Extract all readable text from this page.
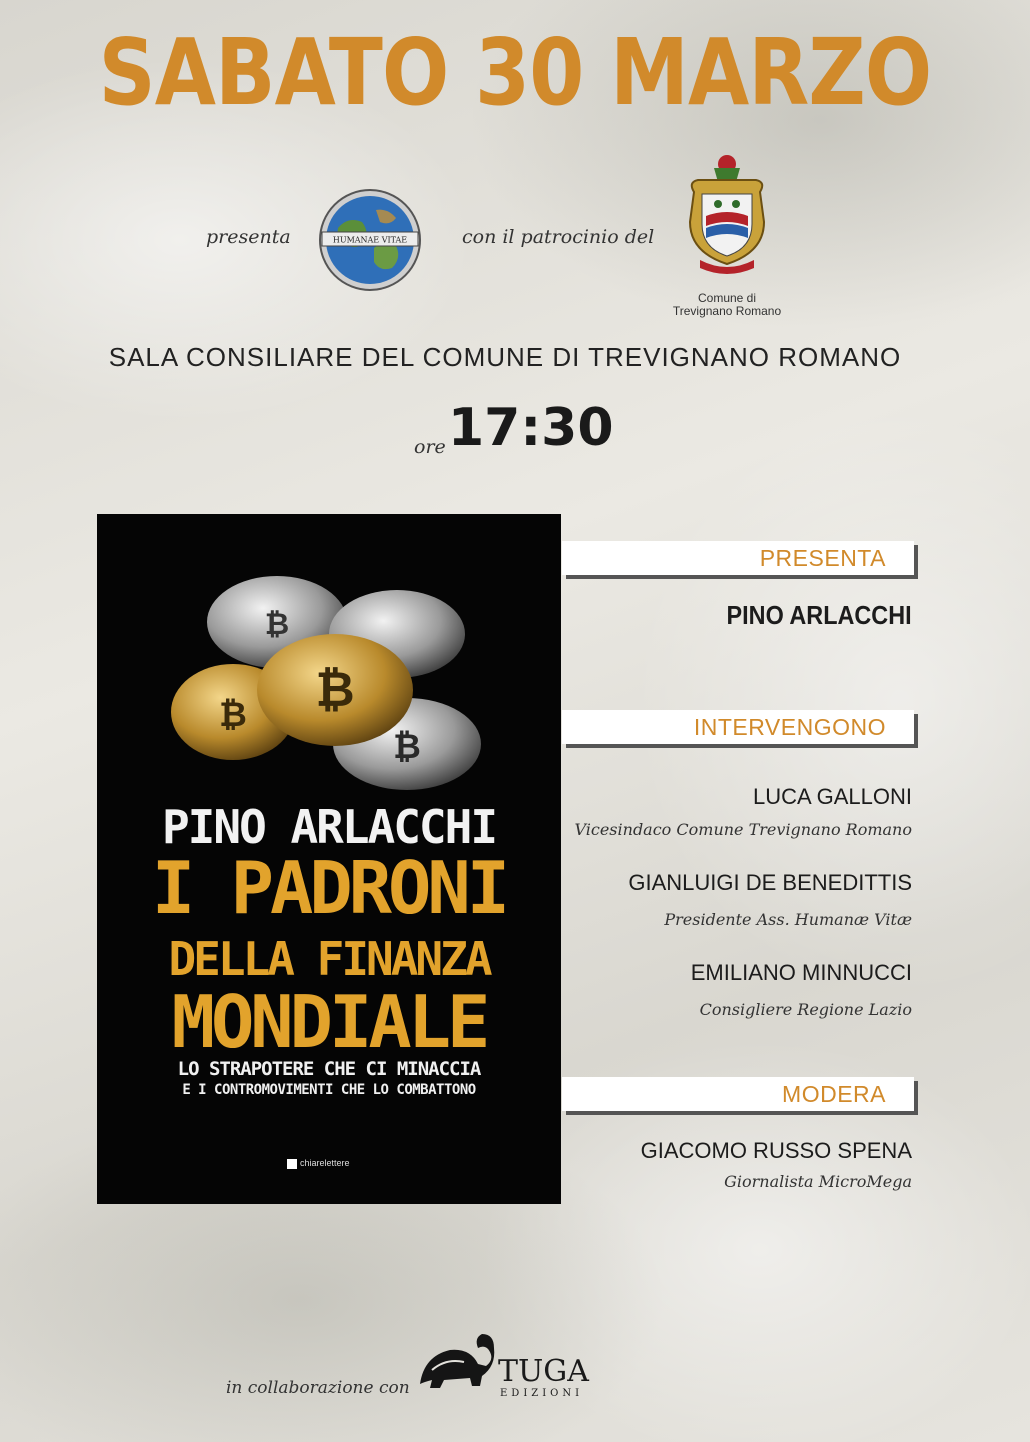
SABATO 30 MARZO
presenta	HUMANAE VITAE	con il patrocinio del
Comune di
Trevignano Romano
SALA CONSILIARE DEL COMUNE DI TREVIGNANO ROMANO
ore 17:30
₿
₿
₿
₿
PINO ARLACCHI
I PADRONI
DELLA FINANZA
MONDIALE
LO STRAPOTERE CHE CI MINACCIA
E I CONTROMOVIMENTI CHE LO COMBATTONO
chiarelettere
PRESENTA
PINO ARLACCHI
INTERVENGONO
LUCA GALLONI
Vicesindaco Comune Trevignano Romano
GIANLUIGI DE BENEDITTIS
Presidente Ass. Humanæ Vitæ
EMILIANO MINNUCCI
Consigliere Regione Lazio
MODERA
GIACOMO RUSSO SPENA
Giornalista MicroMega
in collaborazione con	TUGA
EDIZIONI
